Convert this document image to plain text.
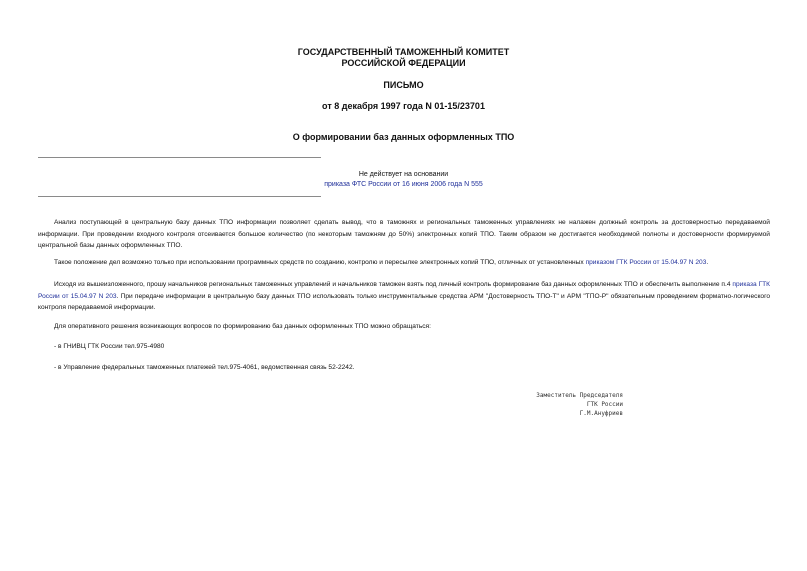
ГОСУДАРСТВЕННЫЙ ТАМОЖЕННЫЙ КОМИТЕТ
РОССИЙСКОЙ ФЕДЕРАЦИИ
ПИСЬМО
от 8 декабря 1997 года N 01-15/23701
О формировании баз данных оформленных ТПО
Не действует на основании
приказа ФТС России от 16 июня 2006 года N 555
Анализ поступающей в центральную базу данных ТПО информации позволяет сделать вывод, что в таможнях и региональных таможенных управлениях не налажен должный контроль за достоверностью передаваемой информации. При проведении входного контроля отсеивается большое количество (по некоторым таможням до 50%) электронных копий ТПО. Таким образом не достигается необходимой полноты и достоверности формируемой центральной базы данных оформленных ТПО.
Такое положение дел возможно только при использовании программных средств по созданию, контролю и пересылке электронных копий ТПО, отличных от установленных приказом ГТК России от 15.04.97 N 203.
Исходя из вышеизложенного, прошу начальников региональных таможенных управлений и начальников таможен взять под личный контроль формирование баз данных оформленных ТПО и обеспечить выполнение п.4 приказа ГТК России от 15.04.97 N 203. При передаче информации в центральную базу данных ТПО использовать только инструментальные средства АРМ "Достоверность ТПО-Т" и АРМ "ТПО-Р" обязательным проведением форматно-логического контроля передаваемой информации.
Для оперативного решения возникающих вопросов по формированию баз данных оформленных ТПО можно обращаться:
- в ГНИВЦ ГТК России тел.975-4980
- в Управление федеральных таможенных платежей тел.975-4061, ведомственная связь 52-2242.
Заместитель Председателя
ГТК России
Г.М.Ануфриев
